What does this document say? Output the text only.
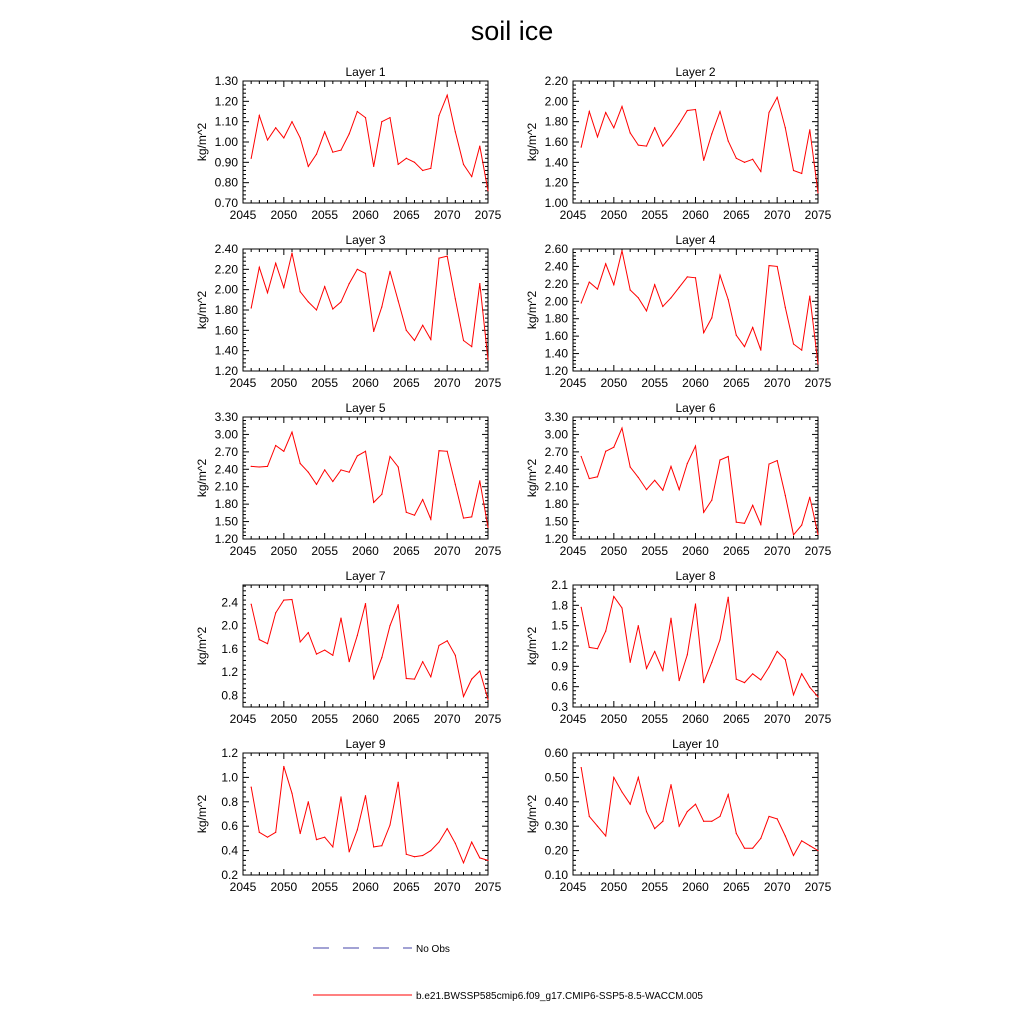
soil ice
Layer 1
2045 2050 2055 2060 2065 2070 2075
0.70
0.80
0.90
1.00
1.10
1.20
1.30
kg/m^2
Layer 2
2045 2050 2055 2060 2065 2070 2075
1.00
1.20
1.40
1.60
1.80
2.00
2.20
kg/m^2
Layer 3
2045 2050 2055 2060 2065 2070 2075
1.20
1.40
1.60
1.80
2.00
2.20
2.40
kg/m^2
Layer 4
2045 2050 2055 2060 2065 2070 2075
1.20
1.40
1.60
1.80
2.00
2.20
2.40
2.60
kg/m^2
Layer 5
2045 2050 2055 2060 2065 2070 2075
1.20
1.50
1.80
2.10
2.40
2.70
3.00
3.30
kg/m^2
Layer 6
2045 2050 2055 2060 2065 2070 2075
1.20
1.50
1.80
2.10
2.40
2.70
3.00
3.30
kg/m^2
Layer 7
2045 2050 2055 2060 2065 2070 2075
0.8
1.2
1.6
2.0
2.4
kg/m^2
Layer 8
2045 2050 2055 2060 2065 2070 2075
0.3
0.6
0.9
1.2
1.5
1.8
2.1
kg/m^2
Layer 9
2045 2050 2055 2060 2065 2070 2075
0.2
0.4
0.6
0.8
1.0
1.2
kg/m^2
Layer 10
2045 2050 2055 2060 2065 2070 2075
0.10
0.20
0.30
0.40
0.50
0.60
kg/m^2
No Obs
b.e21.BWSSP585cmip6.f09_g17.CMIP6-SSP5-8.5-WACCM.005
